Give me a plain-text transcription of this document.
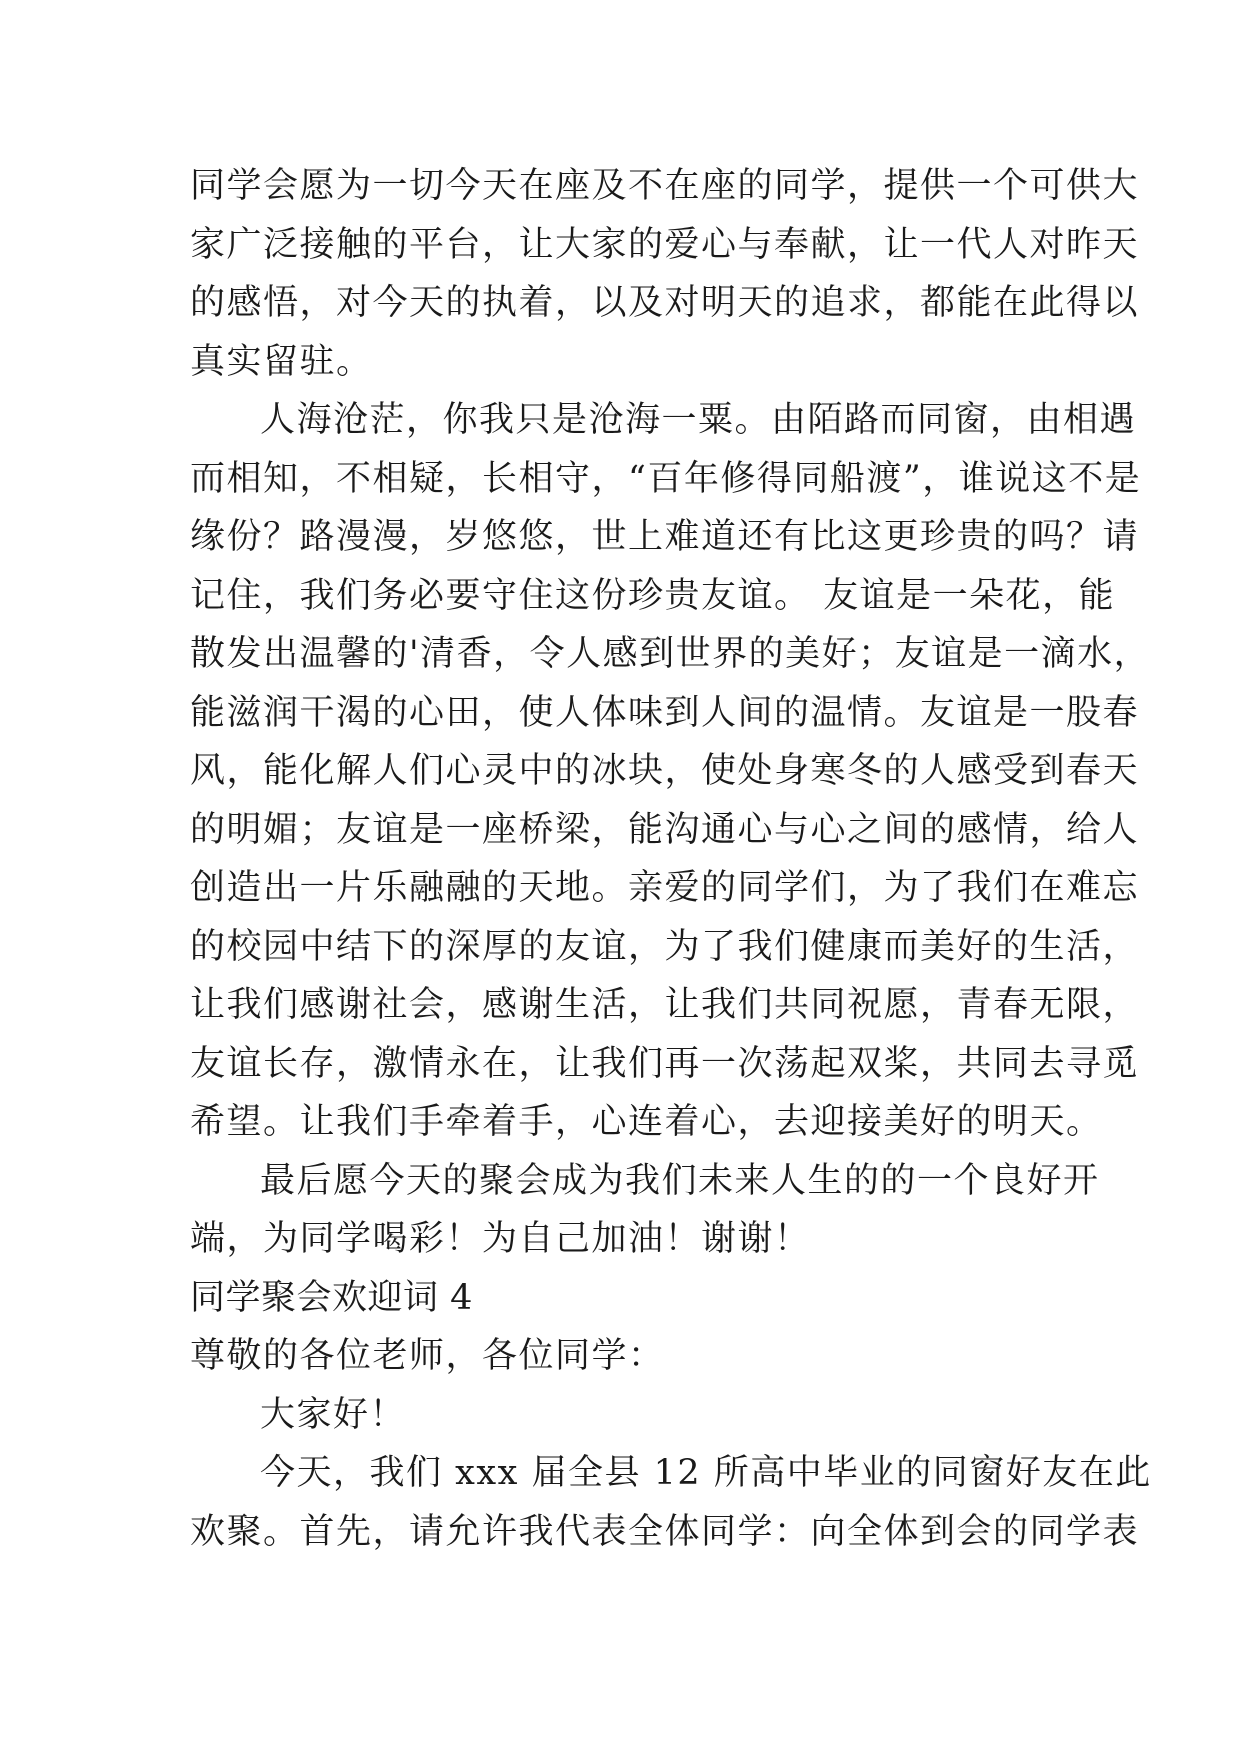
同学会愿为一切今天在座及不在座的同学，提供一个可供大
家广泛接触的平台，让大家的爱心与奉献，让一代人对昨天
的感悟，对今天的执着，以及对明天的追求，都能在此得以
真实留驻。
人海沧茫，你我只是沧海一粟。由陌路而同窗，由相遇
而相知，不相疑，长相守，“百年修得同船渡”，谁说这不是
缘份？路漫漫，岁悠悠，世上难道还有比这更珍贵的吗？请
记住，我们务必要守住这份珍贵友谊。 友谊是一朵花，能
散发出温馨的'清香，令人感到世界的美好；友谊是一滴水，
能滋润干渴的心田，使人体味到人间的温情。友谊是一股春
风，能化解人们心灵中的冰块，使处身寒冬的人感受到春天
的明媚；友谊是一座桥梁，能沟通心与心之间的感情，给人
创造出一片乐融融的天地。亲爱的同学们，为了我们在难忘
的校园中结下的深厚的友谊，为了我们健康而美好的生活，
让我们感谢社会，感谢生活，让我们共同祝愿，青春无限，
友谊长存，激情永在，让我们再一次荡起双桨，共同去寻觅
希望。让我们手牵着手，心连着心，去迎接美好的明天。
最后愿今天的聚会成为我们未来人生的的一个良好开
端，为同学喝彩！为自己加油！谢谢！
同学聚会欢迎词 4
尊敬的各位老师，各位同学：
大家好！
今天，我们 xxx 届全县 12 所高中毕业的同窗好友在此
欢聚。首先，请允许我代表全体同学：向全体到会的同学表
